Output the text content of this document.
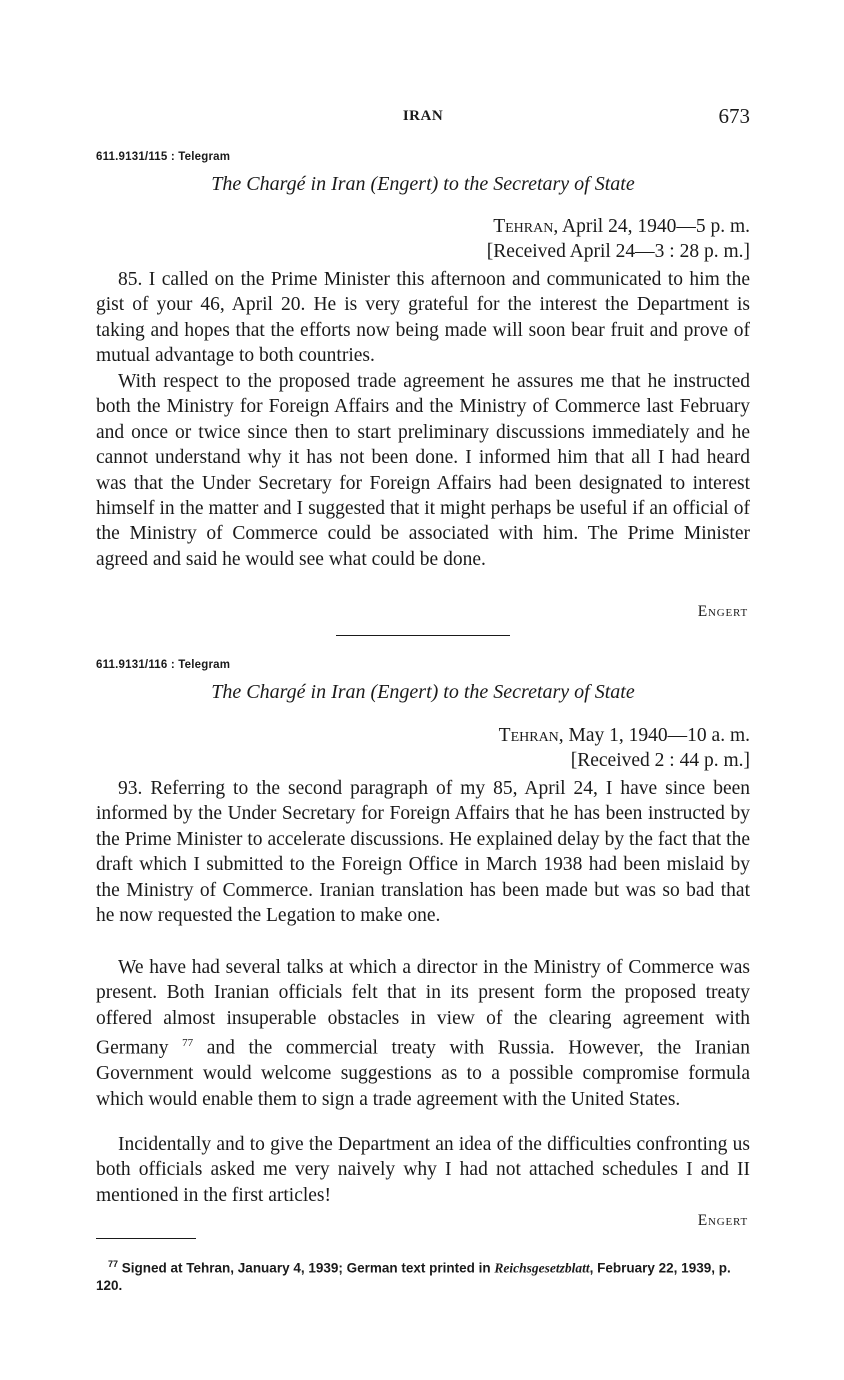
IRAN	673
611.9131/115 : Telegram
The Chargé in Iran (Engert) to the Secretary of State
Tehran, April 24, 1940—5 p. m.
[Received April 24—3 : 28 p. m.]

85. I called on the Prime Minister this afternoon and communicated to him the gist of your 46, April 20. He is very grateful for the interest the Department is taking and hopes that the efforts now being made will soon bear fruit and prove of mutual advantage to both countries.

With respect to the proposed trade agreement he assures me that he instructed both the Ministry for Foreign Affairs and the Ministry of Commerce last February and once or twice since then to start preliminary discussions immediately and he cannot understand why it has not been done. I informed him that all I had heard was that the Under Secretary for Foreign Affairs had been designated to interest himself in the matter and I suggested that it might perhaps be useful if an official of the Ministry of Commerce could be associated with him. The Prime Minister agreed and said he would see what could be done.

Engert
611.9131/116 : Telegram
The Chargé in Iran (Engert) to the Secretary of State
Tehran, May 1, 1940—10 a. m.
[Received 2 : 44 p. m.]

93. Referring to the second paragraph of my 85, April 24, I have since been informed by the Under Secretary for Foreign Affairs that he has been instructed by the Prime Minister to accelerate discussions. He explained delay by the fact that the draft which I submitted to the Foreign Office in March 1938 had been mislaid by the Ministry of Commerce. Iranian translation has been made but was so bad that he now requested the Legation to make one.

We have had several talks at which a director in the Ministry of Commerce was present. Both Iranian officials felt that in its present form the proposed treaty offered almost insuperable obstacles in view of the clearing agreement with Germany $^{77}$ and the commercial treaty with Russia. However, the Iranian Government would welcome suggestions as to a possible compromise formula which would enable them to sign a trade agreement with the United States.

Incidentally and to give the Department an idea of the difficulties confronting us both officials asked me very naively why I had not attached schedules I and II mentioned in the first articles!

Engert

$^{77}$ Signed at Tehran, January 4, 1939; German text printed in Reichsgesetzblatt, February 22, 1939, p. 120.
